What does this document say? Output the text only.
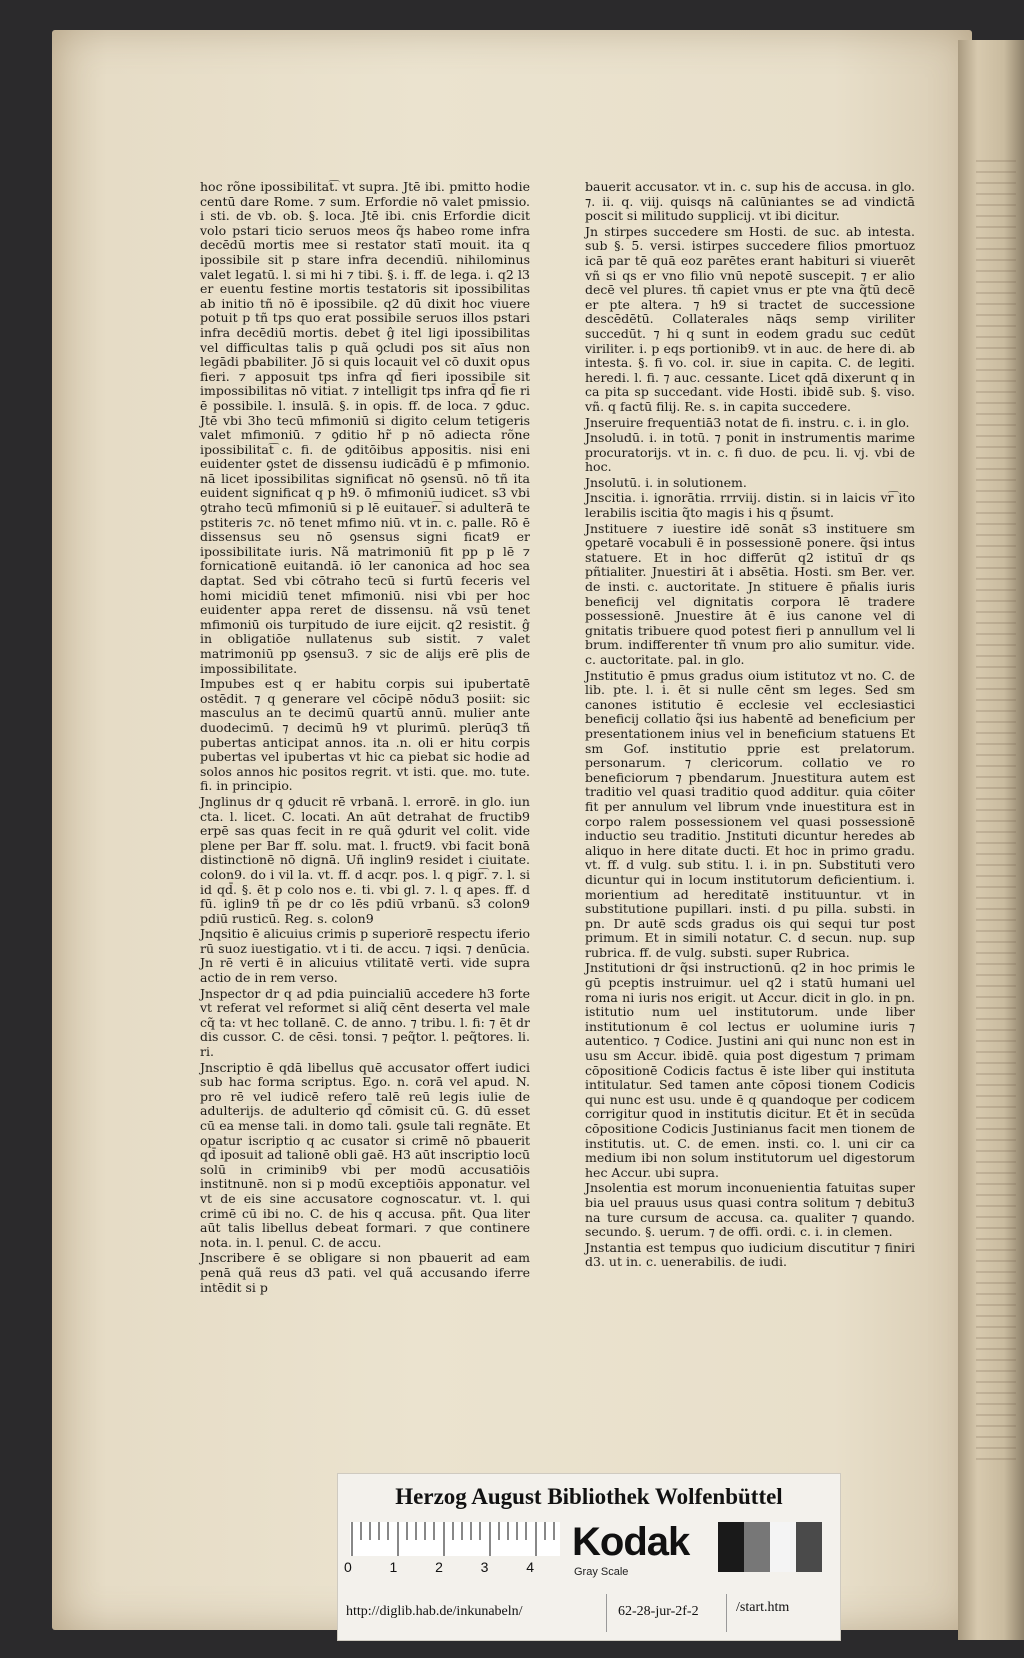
hoc rõne ipossibilitat͡. vt supra. Jtē ibi. pmitto hodie centū dare Rome. ⁊ sum. Erfordie nō valet pmissio. i sti. de vb. ob. §. loca. Jtē ibi. cnis Erfordie dicit volo pstari ticio seruos meos q̃s habeo rome infra decēdū mortis mee si restator statī mouit. ita q ipossibile sit p stare infra decendiū. nihilominus valet legatū. l. si mi hi ⁊ tibi. §. i. ff. de lega. i. q2 l3 er euentu festine mortis testatoris sit ipossibilitas ab initio tñ nō ē ipossibile. q2 dū dixit hoc viuere potuit p tñ tps quo erat possibile seruos illos pstari infra decēdiū mortis. debet ĝ itel ligi ipossibilitas vel difficultas talis p quã ꝯcludi pos sit aīus non legādi pbabiliter. Jō si quis locauit vel cō duxit opus fieri. ⁊ apposuit tps infra qd̄ fieri ipossibile sit impossibilitas nō vitiat. ⁊ intelligit tps infra qd̄ fie ri ē possibile. l. insulā. §. in opis. ff. de loca. ⁊ ꝯduc. Jtē vbi 3ho tecū mfimoniū si digito celum tetigeris valet mfimoniū. ⁊ ꝯditio hr̃ p nō adiecta rõne ipossibilitat͡ c. fi. de ꝯditōibus appositis. nisi eni euidenter ꝯstet de dissensu iudicādū ē p mfimonio. nā licet ipossibilitas significat nō ꝯsensū. nō tñ ita euident significat q p h9. ō mfimoniū iudicet. s3 vbi ꝯtraho tecū mfimoniū si p lē euitauer͡. si adulterā te pstiteris ⁊c. nō tenet mfimo niū. vt in. c. palle. Rō ē dissensus seu nō ꝯsensus signi ficat9 er ipossibilitate iuris. Nã matrimoniū fit pp p lē ⁊ fornicationē euitandā. iō ler canonica ad hoc sea daptat. Sed vbi cōtraho tecū si furtū feceris vel homi micidiū tenet mfimoniū. nisi vbi per hoc euidenter appa reret de dissensu. nã vsū tenet mfimoniū ois turpitudo de iure eijcit. q2 resistit. ĝ in obligatiōe nullatenus sub sistit. ⁊ valet matrimoniū pp ꝯsensu3. ⁊ sic de alijs erē plis de impossibilitate.

Impubes est q er habitu corpis sui ipubertatē ostēdit. ⁊ q generare vel cōcipē nōdu3 posiit: sic masculus an te decimū quartū annū. mulier ante duodecimū. ⁊ decimū h9 vt plurimū. plerūq3 tñ pubertas anticipat annos. ita .n. oli er hitu corpis pubertas vel ipubertas vt hic ca piebat sic hodie ad solos annos hic positos regrit. vt isti. que. mo. tute. fi. in principio.

Jnglinus dr q ꝯducit rē vrbanā. l. errorē. in glo. iun cta. l. licet. C. locati. An aūt detrahat de fructib9 erpē sas quas fecit in re quã ꝯdurit vel colit. vide plene per Bar ff. solu. mat. l. fruct9. vbi facit bonā distinctionē nō dignā. Uñ inglin9 residet i ciuitate. colon9. do i vil la. vt. ff. d acqr. pos. l. q pigr͡. ⁊. l. si id qd̄. §. ēt p colo nos e. ti. vbi gl. ⁊. l. q apes. ff. d fū. iglin9 tñ pe dr co lēs pdiū vrbanū. s3 colon9 pdiū rusticū. Reg. s. colon9

Jnqsitio ē alicuius crimis p superiorē respectu iferio rū suoz iuestigatio. vt i ti. de accu. ⁊ iqsi. ⁊ denūcia. Jn rē verti ē in alicuius vtilitatē verti. vide supra actio de in rem verso.

Jnspector dr q ad pdia puincialiū accedere h3 forte vt referat vel reformet si aliq̃ cēnt deserta vel male cq̃ ta: vt hec tollanē. C. de anno. ⁊ tribu. l. fi: ⁊ ēt dr dis cussor. C. de cēsi. tonsi. ⁊ peq̃tor. l. peq̃tores. li. ri.

Jnscriptio ē qdā libellus quē accusator offert iudici sub hac forma scriptus. Ego. n. corā vel apud. N. pro rē vel iudicē refero talē reū legis iulie de adulterijs. de adulterio qd̄ cōmisit cū. G. dū esset cū ea mense tali. in domo tali. ꝯsule tali regnāte. Et opatur iscriptio q ac cusator si crimē nō pbauerit qd̄ iposuit ad talionē obli gaē. H3 aūt inscriptio locū solū in criminib9 vbi per modū accusatiōis institnunē. non si p modū exceptiōis apponatur. vel vt de eis sine accusatore cognoscatur. vt. l. qui crimē cū ibi no. C. de his q accusa. pñt. Qua liter aūt talis libellus debeat formari. ⁊ que continere nota. in. l. penul. C. de accu.

Jnscribere ē se obligare si non pbauerit ad eam penā quã reus d3 pati. vel quã accusando iferre intēdit si p

bauerit accusator. vt in. c. sup his de accusa. in glo. ⁊. ii. q. viij. quisqs nā calūniantes se ad vindictā poscit si militudo supplicij. vt ibi dicitur.

Jn stirpes succedere sm Hosti. de suc. ab intesta. sub §. 5. versi. istirpes succedere filios pmortuoz icā par tē quā eoz parētes erant habituri si viuerēt vñ si qs er vno filio vnū nepotē suscepit. ⁊ er alio decē vel plures. tñ capiet vnus er pte vna q̃tū decē er pte altera. ⁊ h9 si tractet de successione descēdētū. Collaterales nāqs semp viriliter succedūt. ⁊ hi q sunt in eodem gradu suc cedūt viriliter. i. p eqs portionib9. vt in auc. de here di. ab intesta. §. fi vo. col. ir. siue in capita. C. de legiti. heredi. l. fi. ⁊ auc. cessante. Licet qdā dixerunt q in ca pita sp succedant. vide Hosti. ibidē sub. §. viso. vñ. q factū filij. Re. s. in capita succedere.

Jnseruire frequentiā3 notat de fi. instru. c. i. in glo.

Jnsoludū. i. in totū. ⁊ ponit in instrumentis marime procuratorijs. vt in. c. fi duo. de pcu. li. vj. vbi de hoc.

Jnsolutū. i. in solutionem.

Jnscitia. i. ignorātia. rrrviij. distin. si in laicis vr͡ ito lerabilis iscitia q̃to magis i his q p̃sumt.

Jnstituere ⁊ iuestire idē sonāt s3 instituere sm ꝯpetarē vocabuli ē in possessionē ponere. q̃si intus statuere. Et in hoc differūt q2 istituī dr qs pñtialiter. Jnuestiri āt i absētia. Hosti. sm Ber. ver. de insti. c. auctoritate. Jn stituere ē pñalis iuris beneficij vel dignitatis corpora lē tradere possessionē. Jnuestire āt ē ius canone vel di gnitatis tribuere quod potest fieri p annullum vel li brum. indifferenter tñ vnum pro alio sumitur. vide. c. auctoritate. pal. in glo.

Jnstitutio ē pmus gradus oium istitutoz vt no. C. de lib. pte. l. i. ēt si nulle cēnt sm leges. Sed sm canones istitutio ē ecclesie vel ecclesiastici beneficij collatio q̃si ius habentē ad beneficium per presentationem inius vel in beneficium statuens Et sm Gof. institutio pprie est prelatorum. personarum. ⁊ clericorum. collatio ve ro beneficiorum ⁊ pbendarum. Jnuestitura autem est traditio vel quasi traditio quod additur. quia cōiter fit per annulum vel librum vnde inuestitura est in corpo ralem possessionem vel quasi possessionē inductio seu traditio. Jnstituti dicuntur heredes ab aliquo in here ditate ducti. Et hoc in primo gradu. vt. ff. d vulg. sub stitu. l. i. in pn. Substituti vero dicuntur qui in locum institutorum deficientium. i. morientium ad hereditatē instituuntur. vt in substitutione pupillari. insti. d pu pilla. substi. in pn. Dr autē scds gradus ois qui sequi tur post primum. Et in simili notatur. C. d secun. nup. sup rubrica. ff. de vulg. substi. super Rubrica.

Jnstitutioni dr q̃si instructionū. q2 in hoc primis le gū pceptis instruimur. uel q2 i statū humani uel roma ni iuris nos erigit. ut Accur. dicit in glo. in pn. istitutio num uel institutorum. unde liber institutionum ē col lectus er uolumine iuris ⁊ autentico. ⁊ Codice. Justini ani qui nunc non est in usu sm Accur. ibidē. quia post digestum ⁊ primam cōpositionē Codicis factus ē iste liber qui instituta intitulatur. Sed tamen ante cōposi tionem Codicis qui nunc est usu. unde ē q quandoque per codicem corrigitur quod in institutis dicitur. Et ēt in secūda cōpositione Codicis Justinianus facit men tionem de institutis. ut. C. de emen. insti. co. l. uni cir ca medium ibi non solum institutorum uel digestorum hec Accur. ubi supra.

Jnsolentia est morum inconuenientia fatuitas super bia uel prauus usus quasi contra solitum ⁊ debitu3 na ture cursum de accusa. ca. qualiter ⁊ quando. secundo. §. uerum. ⁊ de offi. ordi. c. i. in clemen.

Jnstantia est tempus quo iudicium discutitur ⁊ finiri d3. ut in. c. uenerabilis. de iudi.

Herzog August Bibliothek Wolfenbüttel
0	1	2	3	4
Kodak
Gray Scale
http://diglib.hab.de/inkunabeln/	62-28-jur-2f-2	/start.htm
